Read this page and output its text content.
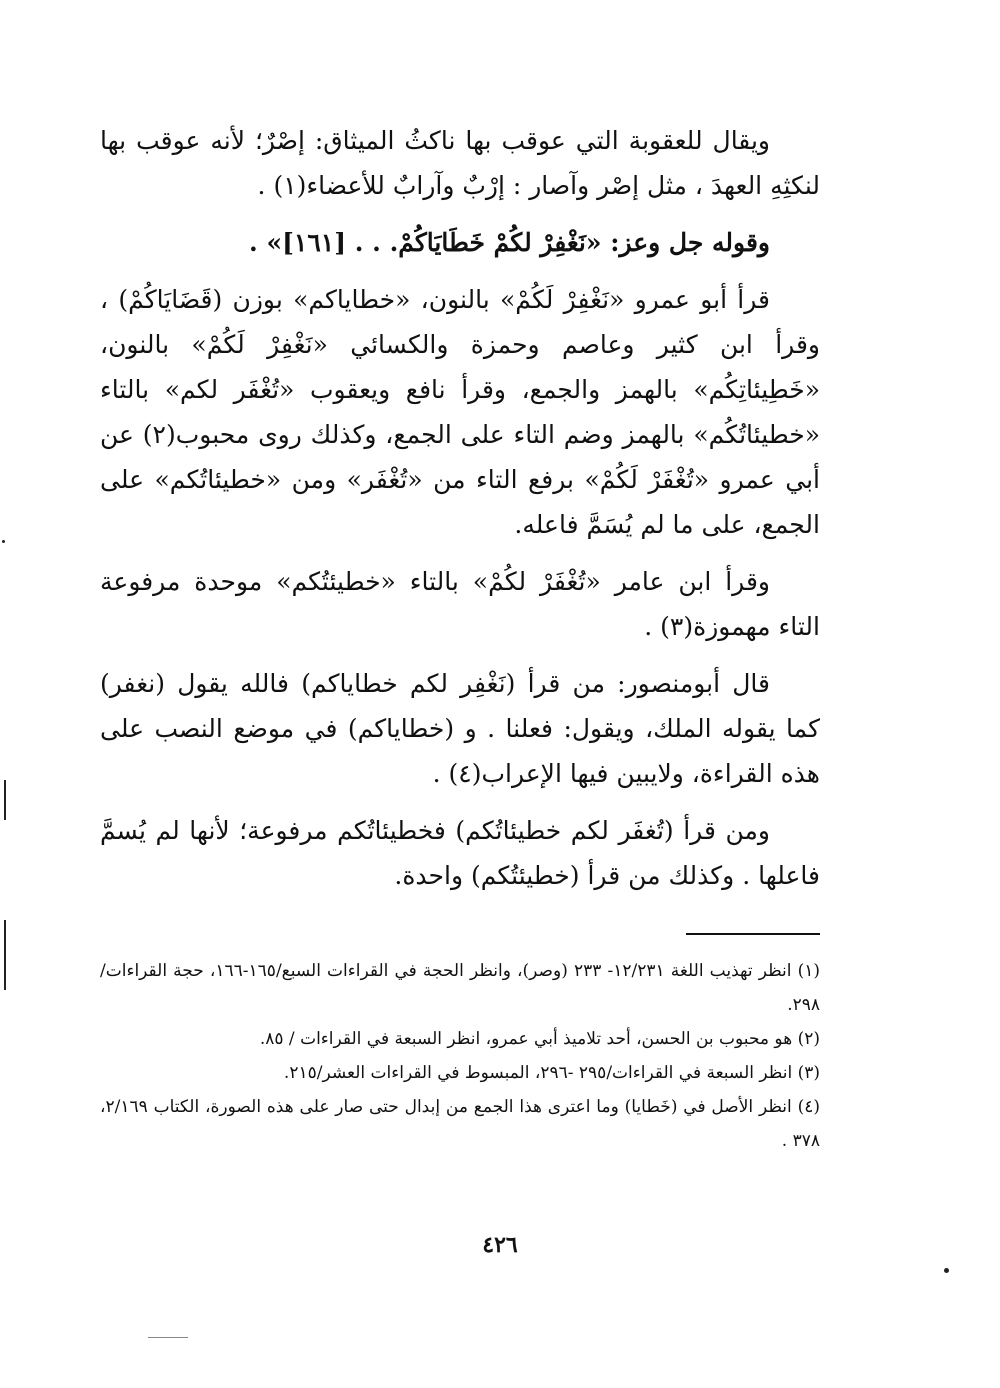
ويقال للعقوبة التي عوقب بها ناكثُ الميثاق: إصْرٌ؛ لأنه عوقب بها لنكثِهِ العهدَ ، مثل إصْر وآصار : إرْبٌ وآرابٌ للأعضاء(١) .

وقوله جل وعز: «نَغْفِرْ لكُمْ خَطَايَاكُمْ. . . [١٦١]» .

قرأ أبو عمرو «نَغْفِرْ لَكُمْ» بالنون، «خطاياكم» بوزن (قَضَايَاكُمْ) ، وقرأ ابن كثير وعاصم وحمزة والكسائي «نَغْفِرْ لَكُمْ» بالنون، «خَطِيئاتِكُم» بالهمز والجمع، وقرأ نافع ويعقوب «تُغْفَر لكم» بالتاء «خطيئاتُكُم» بالهمز وضم التاء على الجمع، وكذلك روى محبوب(٢) عن أبي عمرو «تُغْفَرْ لَكُمْ» برفع التاء من «تُغْفَر» ومن «خطيئاتُكم» على الجمع، على ما لم يُسَمَّ فاعله.

وقرأ ابن عامر «تُغْفَرْ لكُمْ» بالتاء «خطيئتُكم» موحدة مرفوعة التاء مهموزة(٣) .

قال أبومنصور: من قرأ (نَغْفِر لكم خطاياكم) فالله يقول (نغفر) كما يقوله الملك، ويقول: فعلنا . و (خطاياكم) في موضع النصب على هذه القراءة، ولايبين فيها الإعراب(٤) .

ومن قرأ (تُغفَر لكم خطيئاتُكم) فخطيئاتُكم مرفوعة؛ لأنها لم يُسمَّ فاعلها . وكذلك من قرأ (خطيئتُكم) واحدة.

(١) انظر تهذيب اللغة ١٢/٢٣١- ٢٣٣ (وصر)، وانظر الحجة في القراءات السبع/١٦٥-١٦٦، حجة القراءات/٢٩٨.

(٢) هو محبوب بن الحسن، أحد تلاميذ أبي عمرو، انظر السبعة في القراءات / ٨٥.

(٣) انظر السبعة في القراءات/٢٩٥ -٢٩٦، المبسوط في القراءات العشر/٢١٥.

(٤) انظر الأصل في (خَطايا) وما اعترى هذا الجمع من إبدال حتى صار على هذه الصورة، الكتاب ٢/١٦٩، ٣٧٨ .

٤٢٦
